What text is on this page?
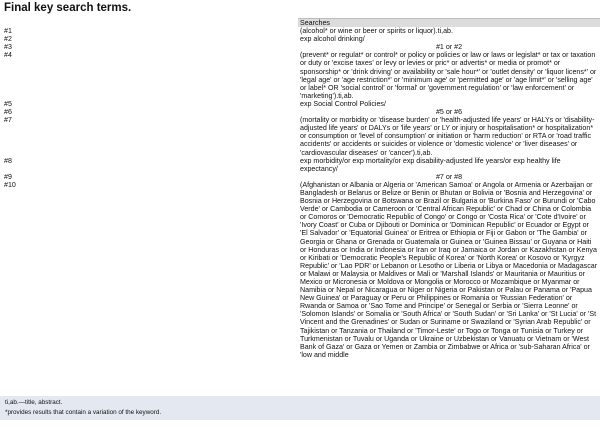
Final key search terms.
	Searches
#1	(alcohol* or wine or beer or spirits or liquor).ti,ab.
#2	exp alcohol drinking/
#3	#1 or #2
#4	(prevent* or regulat* or control* or policy or policies or law or laws or legislat* or tax or taxation or duty or 'excise taxes' or levy or levies or pric* or advertis* or media or promot* or sponsorship* or 'drink driving' or availability or 'sale hour*' or 'outlet density' or 'liquor licens*' or 'legal age' or 'age restriction*' or 'minimum age' or 'permitted age' or 'age limit*' or 'selling age' or label* OR 'social control' or 'formal' or 'government regulation' or 'law enforcement' or 'marketing').ti,ab.
#5	exp Social Control Policies/
#6	#5 or #6
#7	(mortality or morbidity or 'disease burden' or 'health-adjusted life years' or HALYs or 'disability-adjusted life years' or DALYs or 'life years' or LY or injury or hospitalisation* or hospitalization* or consumption or 'level of consumption' or initiation or 'harm reduction' or RTA or 'road traffic accidents' or accidents or suicides or violence or 'domestic violence' or 'liver diseases' or 'cardiovascular diseases' or 'cancer').ti,ab.
#8	exp morbidity/or exp mortality/or exp disability-adjusted life years/or exp healthy life expectancy/
#9	#7 or #8
#10	(Afghanistan or Albania or Algeria or 'American Samoa' or Angola or Armenia or Azerbaijan or Bangladesh or Belarus or Belize or Benin or Bhutan or Bolivia or 'Bosnia and Herzegovina' or Bosnia or Herzegovina or Botswana or Brazil or Bulgaria or 'Burkina Faso' or Burundi or 'Cabo Verde' or Cambodia or Cameroon or 'Central African Republic' or Chad or China or Colombia or Comoros or 'Democratic Republic of Congo' or Congo or 'Costa Rica' or 'Cote d'Ivoire' or 'Ivory Coast' or Cuba or Djibouti or Dominica or 'Dominican Republic' or Ecuador or Egypt or 'El Salvador' or 'Equatorial Guinea' or Eritrea or Ethiopia or Fiji or Gabon or 'The Gambia' or Georgia or Ghana or Grenada or Guatemala or Guinea or 'Guinea Bissau' or Guyana or Haiti or Honduras or India or Indonesia or Iran or Iraq or Jamaica or Jordan or Kazakhstan or Kenya or Kiribati or 'Democratic People's Republic of Korea' or 'North Korea' or Kosovo or 'Kyrgyz Republic' or 'Lao PDR' or Lebanon or Lesotho or Liberia or Libya or Macedonia or Madagascar or Malawi or Malaysia or Maldives or Mali or 'Marshall Islands' or Mauritania or Mauritius or Mexico or Micronesia or Moldova or Mongolia or Morocco or Mozambique or Myanmar or Namibia or Nepal or Nicaragua or Niger or Nigeria or Pakistan or Palau or Panama or 'Papua New Guinea' or Paraguay or Peru or Philippines or Romania or 'Russian Federation' or Rwanda or Samoa or 'Sao Tome and Principe' or Senegal or Serbia or 'Sierra Leonne' or 'Solomon Islands' or Somalia or 'South Africa' or 'South Sudan' or 'Sri Lanka' or 'St Lucia' or 'St Vincent and the Grenadines' or Sudan or Suriname or Swaziland or 'Syrian Arab Republic' or Tajikistan or Tanzania or Thailand or 'Timor-Leste' or Togo or Tonga or Tunisia or Turkey or Turkmenistan or Tuvalu or Uganda or Ukraine or Uzbekistan or Vanuatu or Vietnam or 'West Bank of Gaza' or Gaza or Yemen or Zambia or Zimbabwe or Africa or 'sub-Saharan Africa' or 'low and middle
ti,ab.—title, abstract.
*provides results that contain a variation of the keyword.
